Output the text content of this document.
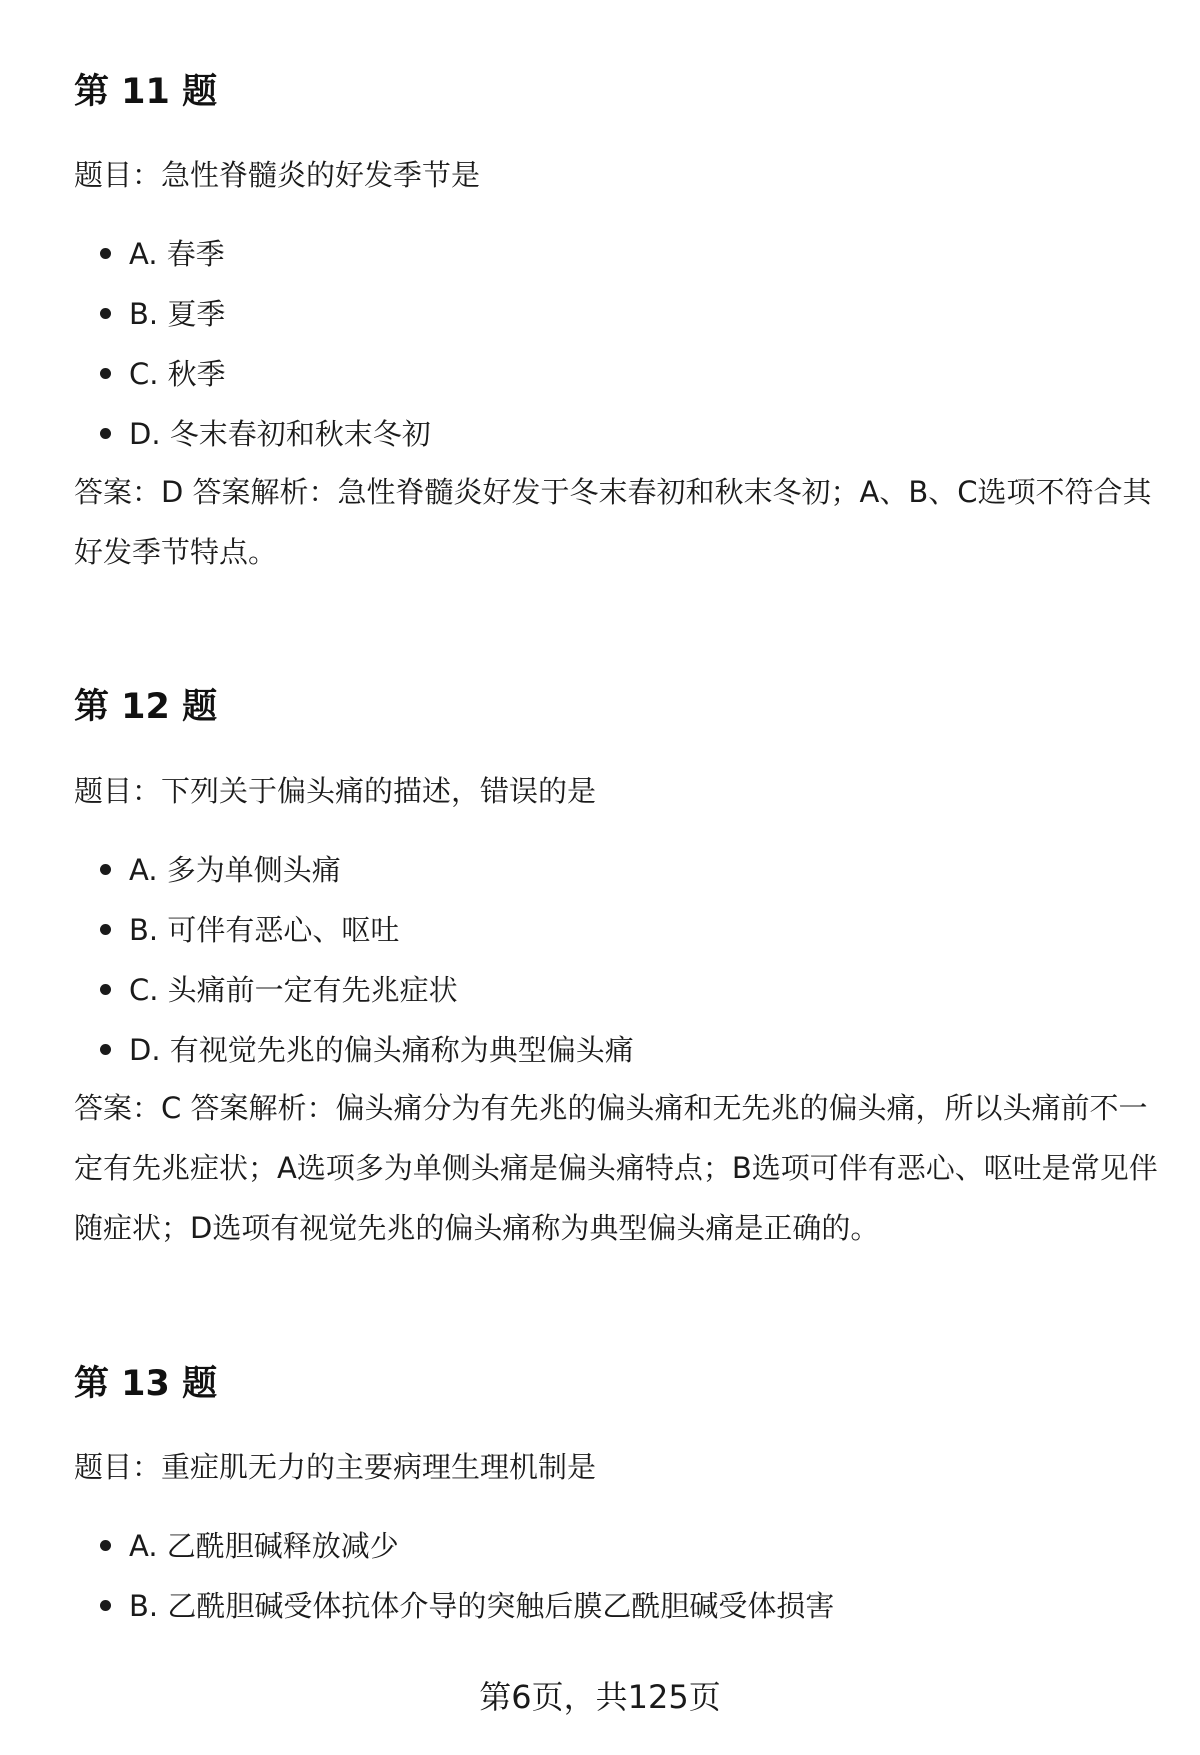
第 11 题

题目：急性脊髓炎的好发季节是

A. 春季
B. 夏季
C. 秋季
D. 冬末春初和秋末冬初

答案：D 答案解析：急性脊髓炎好发于冬末春初和秋末冬初；A、B、C选项不符合其好发季节特点。

第 12 题

题目：下列关于偏头痛的描述，错误的是

A. 多为单侧头痛
B. 可伴有恶心、呕吐
C. 头痛前一定有先兆症状
D. 有视觉先兆的偏头痛称为典型偏头痛

答案：C 答案解析：偏头痛分为有先兆的偏头痛和无先兆的偏头痛，所以头痛前不一定有先兆症状；A选项多为单侧头痛是偏头痛特点；B选项可伴有恶心、呕吐是常见伴随症状；D选项有视觉先兆的偏头痛称为典型偏头痛是正确的。

第 13 题

题目：重症肌无力的主要病理生理机制是

A. 乙酰胆碱释放减少
B. 乙酰胆碱受体抗体介导的突触后膜乙酰胆碱受体损害
第6页，共125页
